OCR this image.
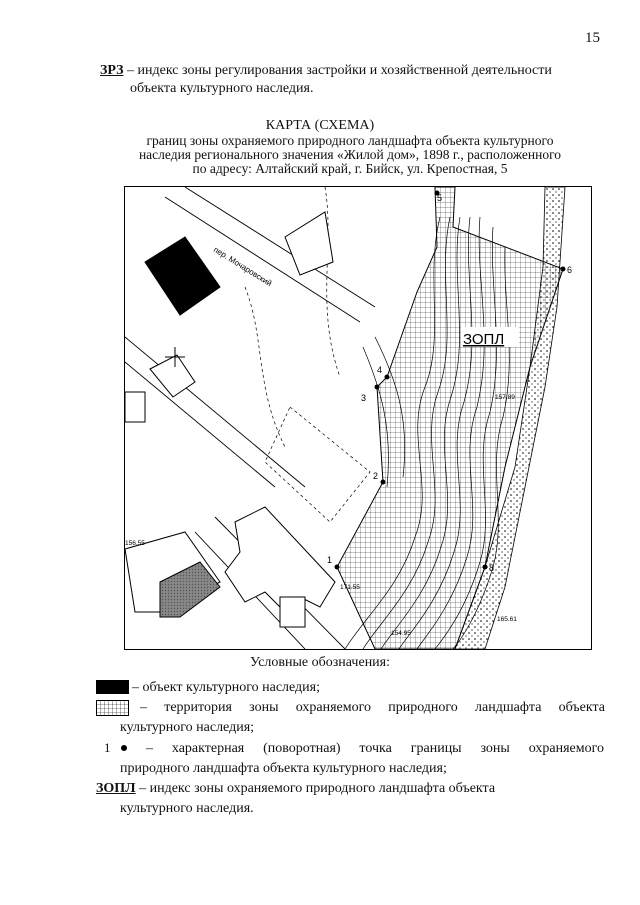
15
ЗРЗ – индекс зоны регулирования застройки и хозяйственной деятельности
объекта культурного наследия.
КАРТА (СХЕМА)
границ зоны охраняемого природного ландшафта объекта культурного
наследия регионального значения «Жилой дом», 1898 г., расположенного
по адресу: Алтайский край, г. Бийск, ул. Крепостная, 5
пер. Мочаровский
1
2
3
4
5
6
8
156.55
157.89
165.61
171.55
154.95
ЗОПЛ
Условные обозначения:
– объект культурного наследия;
– территория зоны охраняемого природного ландшафта объекта
культурного наследия;
1	– характерная (поворотная) точка границы зоны охраняемого
природного ландшафта объекта культурного наследия;
ЗОПЛ – индекс зоны охраняемого природного ландшафта объекта
культурного наследия.
